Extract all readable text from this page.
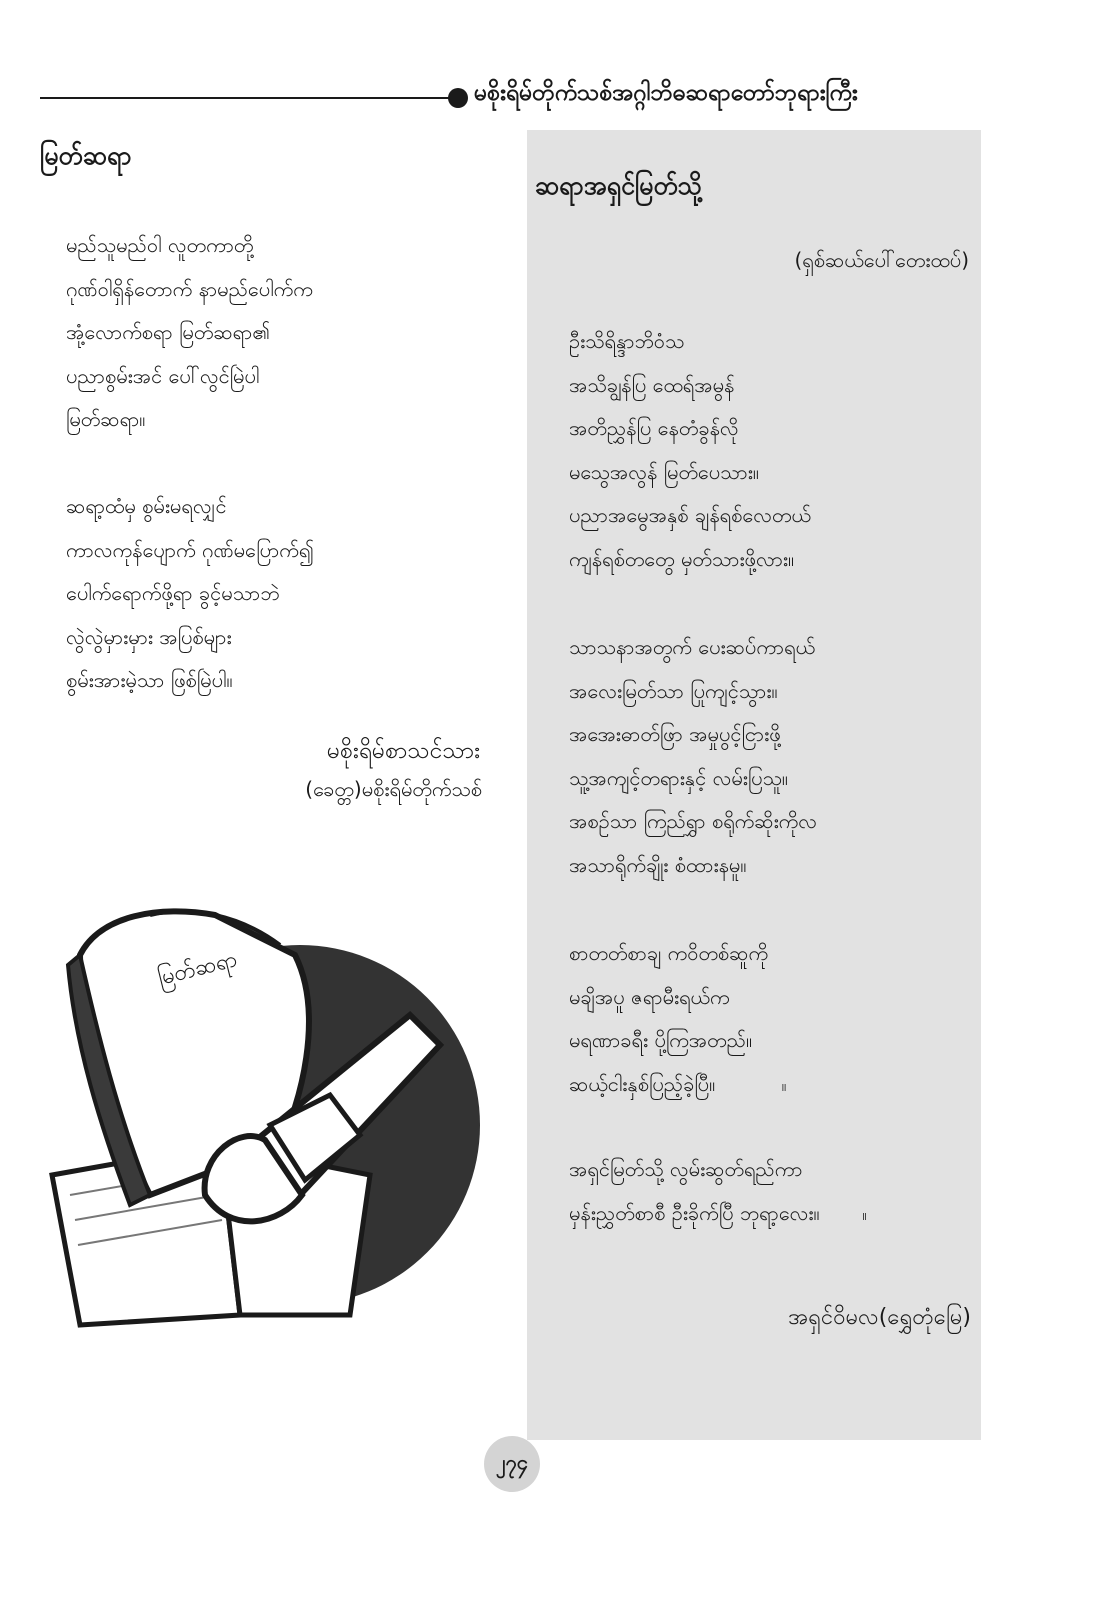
မစိုးရိမ်တိုက်သစ်အဂ္ဂါဘိဓဆရာတော်ဘုရားကြီး
မြတ်ဆရာ
မည်သူမည်ဝါ လူတကာတို့
ဂုဏ်ဝါရှိန်တောက် နာမည်ပေါက်က
အုံ့လောက်စရာ မြတ်ဆရာ၏
ပညာစွမ်းအင် ပေါ်လွင်မြဲပါ
မြတ်ဆရာ။
ဆရာ့ထံမှ စွမ်းမရလျှင်
ကာလကုန်ပျောက် ဂုဏ်မပြောက်၍
ပေါက်ရောက်ဖို့ရာ ခွင့်မသာဘဲ
လွဲလွဲမှားမှား အပြစ်များ
စွမ်းအားမဲ့သာ ဖြစ်မြဲပါ။
မစိုးရိမ်စာသင်သား
(ခေတ္တ)မစိုးရိမ်တိုက်သစ်
မြတ်ဆရာ
ဆရာအရှင်မြတ်သို့
(ရှစ်ဆယ်ပေါ်တေးထပ်)
ဦးသိရိန္ဒာဘိဝံသ
အသိချွန်ပြ ထေရ်အမွန်
အတိညွှန်ပြ နေတံခွန်လို
မသွေအလွန် မြတ်ပေသား။
ပညာအမွေအနှစ် ချန်ရစ်လေတယ်
ကျန်ရစ်တတွေ မှတ်သားဖို့လား။
သာသနာအတွက် ပေးဆပ်ကာရယ်
အလေးမြတ်သာ ပြုကျင့်သွား။
အအေးဓာတ်ဖြာ အမှုပွင့်ငြားဖို့
သူ့အကျင့်တရားနှင့် လမ်းပြသူ။
အစဉ်သာ ကြည်ရွှာ စရိုက်ဆိုးကိုလ
အသာရိုက်ချိုး စံထားနမူ။
စာတတ်စာချ ကဝိတစ်ဆူကို
မချိအပူ ဇရာမီးရယ်က
မရဏာခရီး ပို့ကြအတည်။
ဆယ့်ငါးနှစ်ပြည့်ခဲ့ပြီ။	။
အရှင်မြတ်သို့ လွမ်းဆွတ်ရည်ကာ
မှန်းညွှတ်စာစီ ဦးခိုက်ပြီ ဘုရာ့လေး။	။
အရှင်ဝိမလ(ရွှေတုံမြေ)
၂၇၄
